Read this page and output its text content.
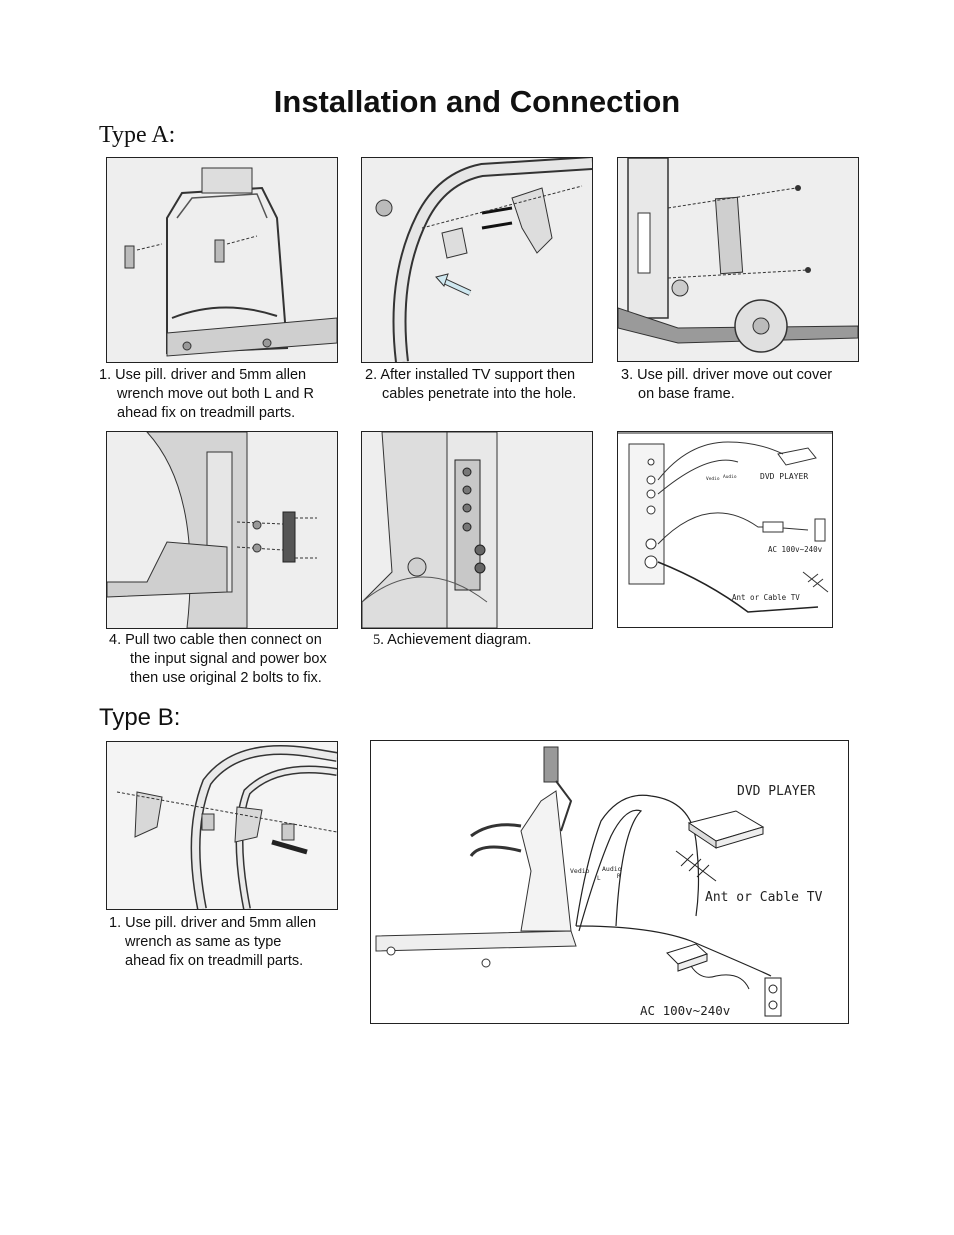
Installation and Connection
Type A:
1. Use pill. driver and 5mm allen
wrench move out both L and R
ahead fix on treadmill parts.
2. After installed TV support then
cables penetrate into the hole.
3. Use pill. driver move out cover
on base frame.
4. Pull two cable then connect on
the input signal and power box
then use original 2 bolts to fix.
5. Achievement diagram.
DVD PLAYER
AC 100v~240v
Ant or Cable TV
Vedio Audio
Type B:
1. Use pill. driver and 5mm allen
wrench as same as type
ahead fix on treadmill parts.
DVD PLAYER
Ant or Cable TV
AC 100v~240v
Vedio Audio
L	R
